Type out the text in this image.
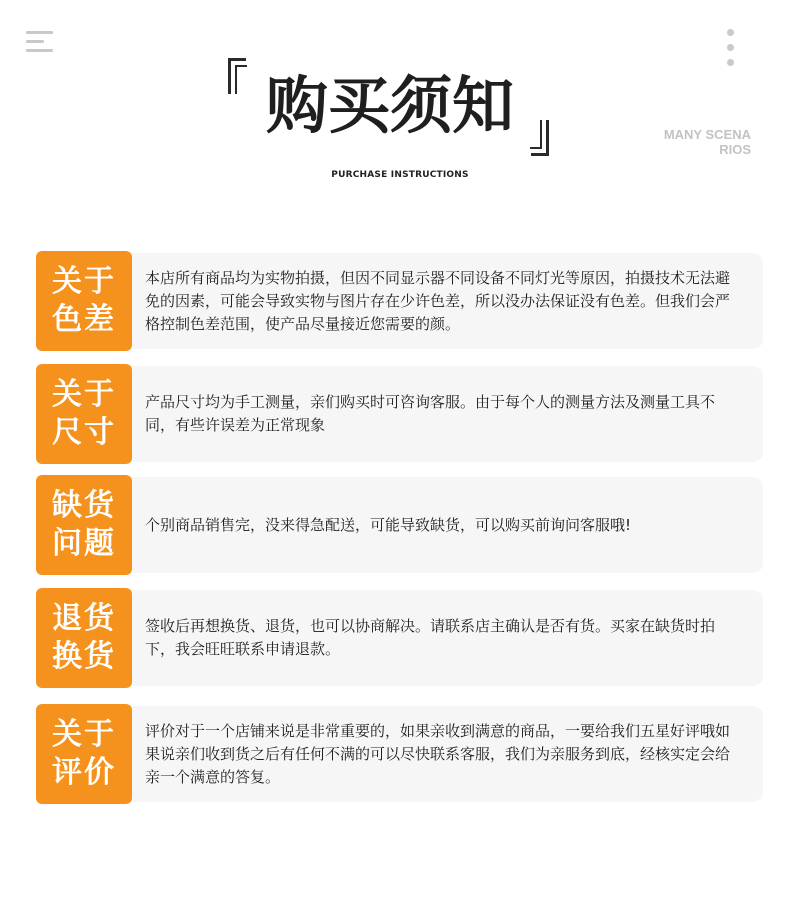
购买须知
PURCHASE INSTRUCTIONS
MANY SCENA
RIOS
关于色差
本店所有商品均为实物拍摄，但因不同显示器不同设备不同灯光等原因，拍摄技术无法避免的因素，可能会导致实物与图片存在少许色差，所以没办法保证没有色差。但我们会严格控制色差范围，使产品尽量接近您需要的颜。
关于尺寸
产品尺寸均为手工测量，亲们购买时可咨询客服。由于每个人的测量方法及测量工具不同，有些许误差为正常现象
缺货问题
个别商品销售完，没来得急配送，可能导致缺货，可以购买前询问客服哦!
退货换货
签收后再想换货、退货，也可以协商解决。请联系店主确认是否有货。买家在缺货时拍下，我会旺旺联系申请退款。
关于评价
评价对于一个店铺来说是非常重要的，如果亲收到满意的商品，一要给我们五星好评哦如果说亲们收到货之后有任何不满的可以尽快联系客服，我们为亲服务到底，经核实定会给亲一个满意的答复。
